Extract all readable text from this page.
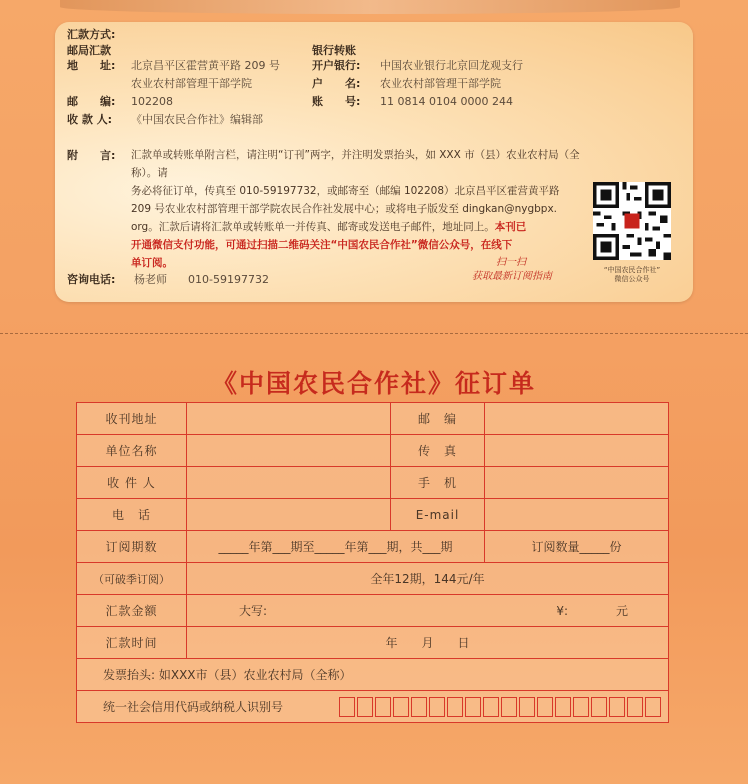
汇款方式:
邮局汇款
地　　址: 北京昌平区霍营黄平路 209 号
农业农村部管理干部学院
邮　　编: 102208
收 款 人: 《中国农民合作社》编辑部
银行转账
开户银行: 中国农业银行北京回龙观支行
户　　名: 农业农村部管理干部学院
账　　号: 11 0814 0104 0000 244
附　　言: 汇款单或转账单附言栏，请注明“订刊”两字，并注明发票抬头，如 XXX 市（县）农业农村局（全称）。请
务必将征订单，传真至 010-59197732，或邮寄至（邮编 102208）北京昌平区霍营黄平路
209 号农业农村部管理干部学院农民合作社发展中心；或将电子版发至 dingkan@nygbpx.
org。汇款后请将汇款单或转账单一并传真、邮寄或发送电子邮件，地址同上。本刊已
开通微信支付功能，可通过扫描二维码关注“中国农民合作社”微信公众号，在线下
单订阅。
咨询电话: 杨老师 010-59197732
扫一扫
获取最新订阅指南
“中国农民合作社”
微信公众号
《中国农民合作社》征订单
收刊地址		邮　编	
单位名称		传　真	
收 件 人		手　机	
电　话		E-mail	
订阅期数	_____年第___期至_____年第___期，共___期		订阅数量_____份
（可破季订阅）	全年12期，144元/年		
汇款金额	大写: ¥:　　　　元		

汇款时间	年　　月　　日		
发票抬头: 如XXX市（县）农业农村局（全称）			

统一社会信用代码或纳税人识别号			
